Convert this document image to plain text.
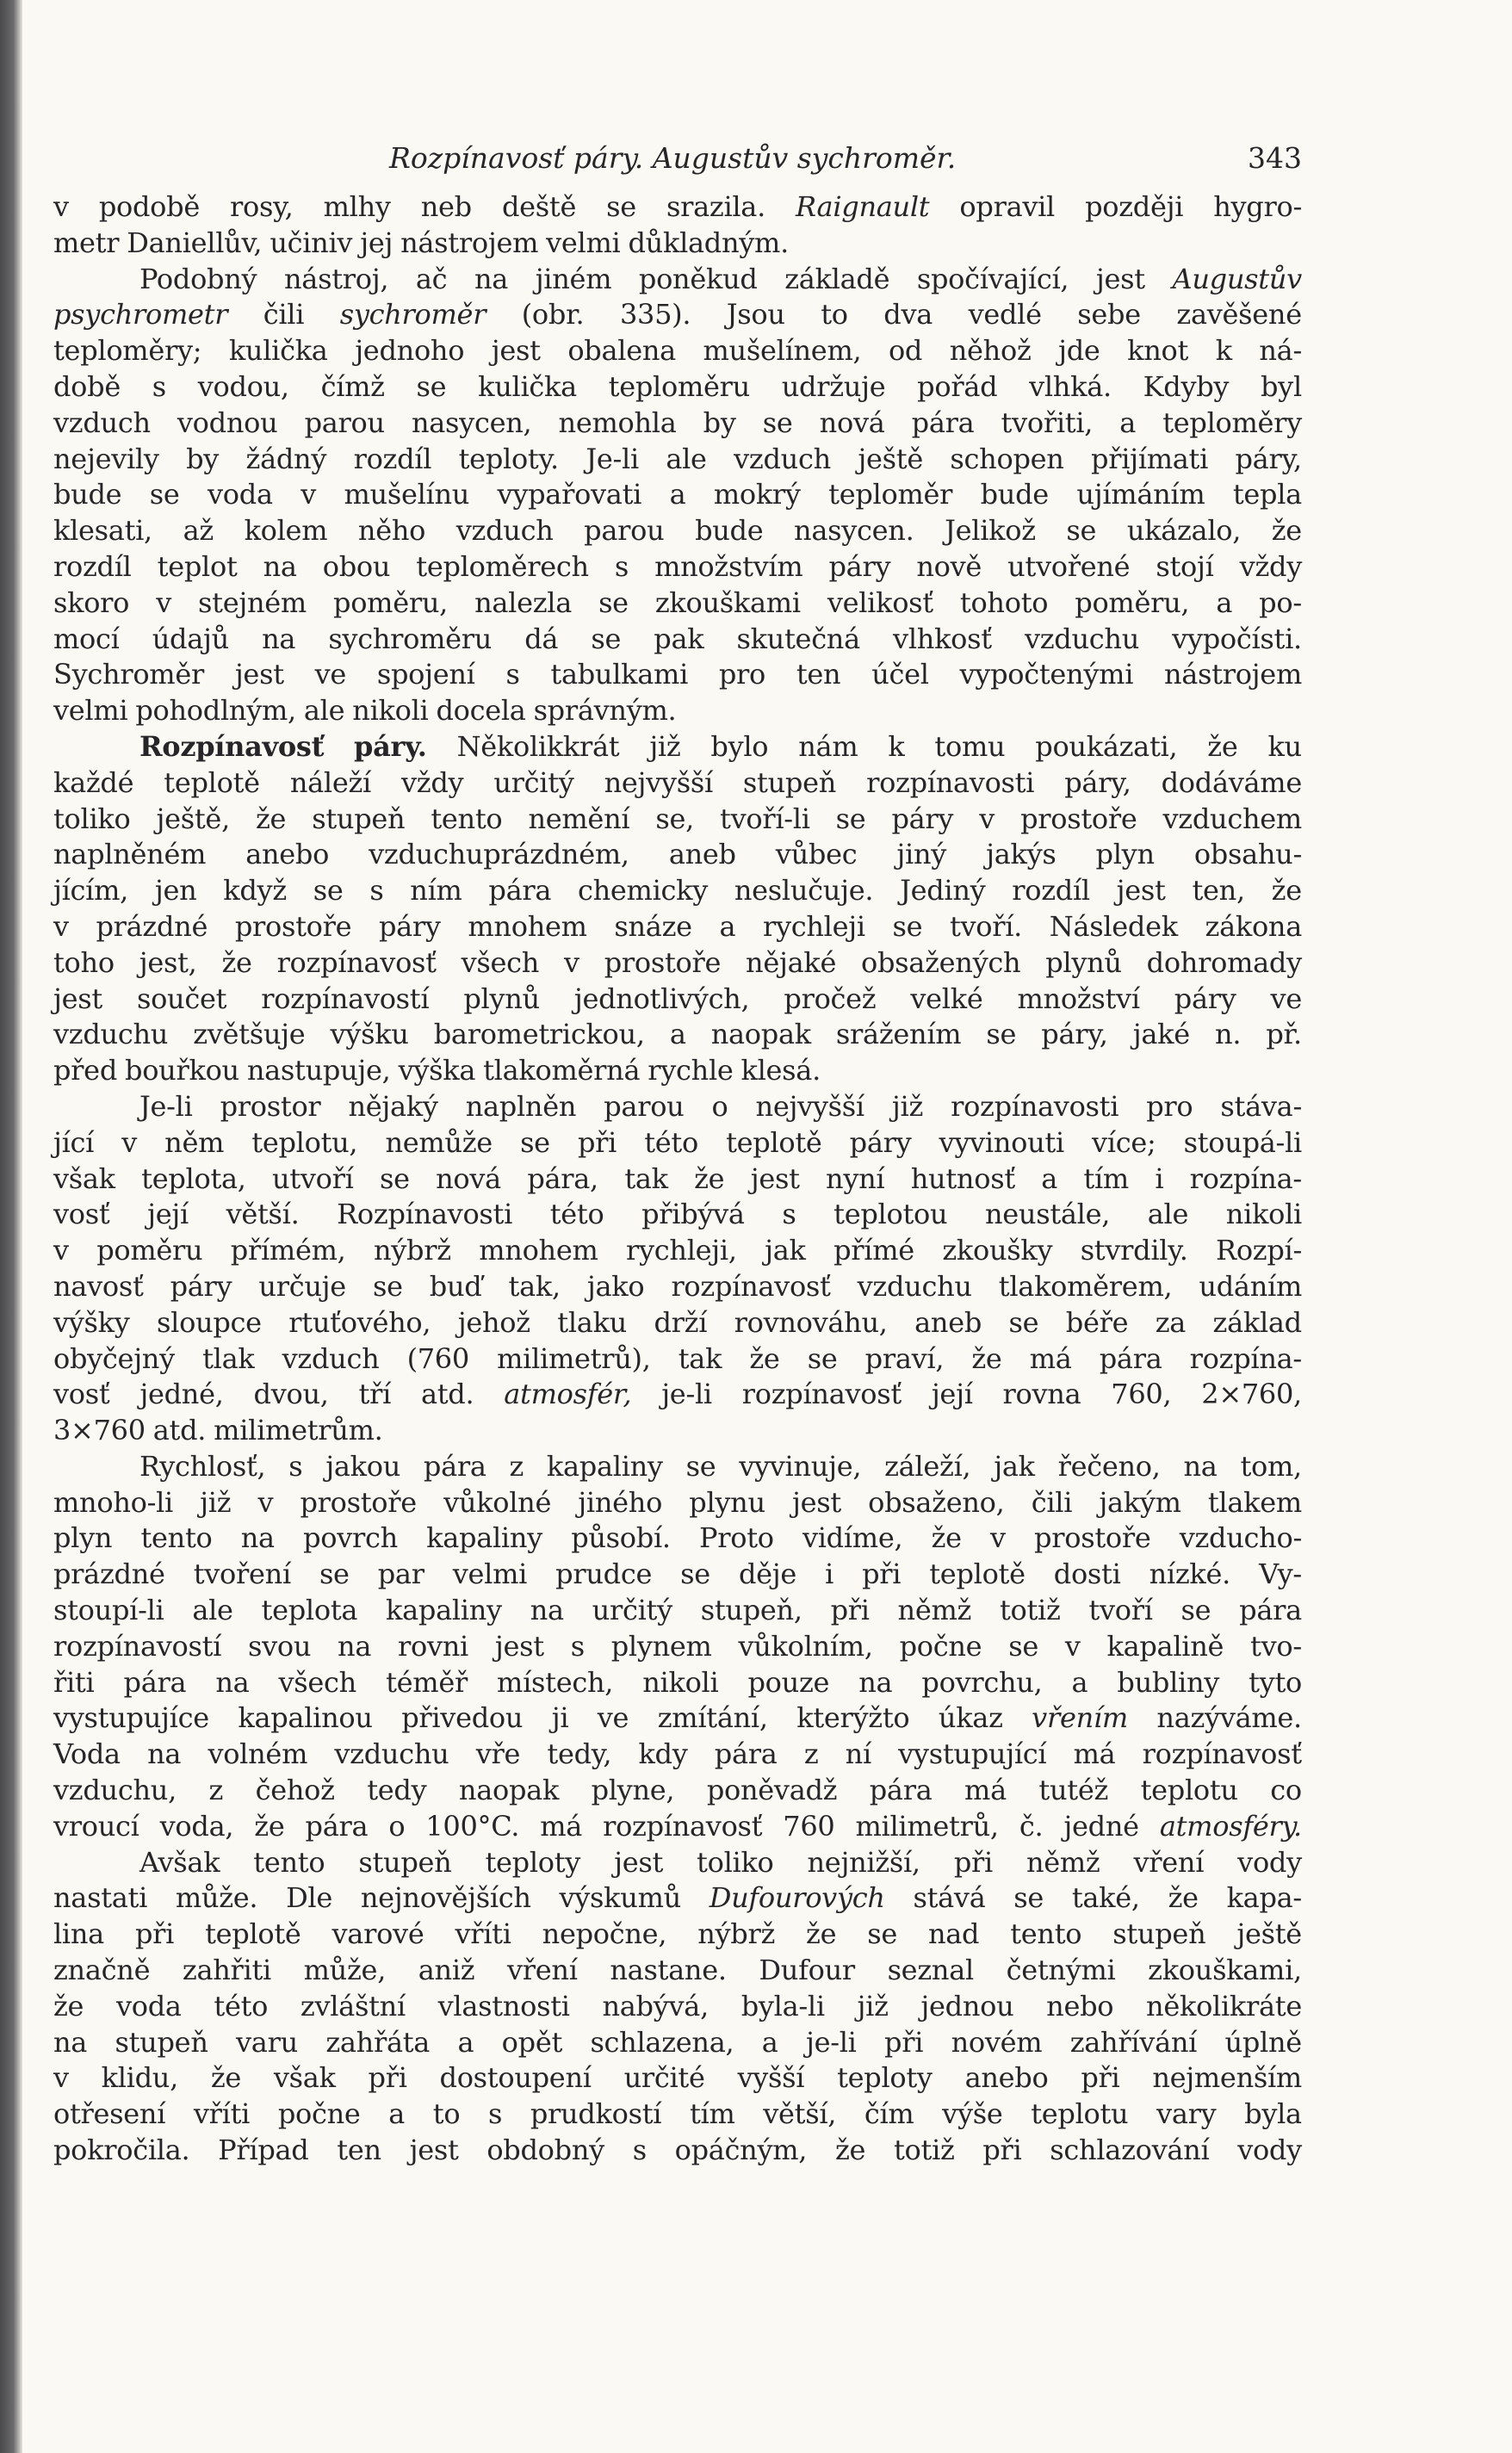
Rozpínavosť páry. Augustův sychroměr.	343
v podobě rosy, mlhy neb deště se srazila. Raignault opravil později hygro-
metr Daniellův, učiniv jej nástrojem velmi důkladným.
Podobný nástroj, ač na jiném poněkud základě spočívající, jest Augustův
psychrometr čili sychroměr (obr. 335). Jsou to dva vedlé sebe zavěšené
teploměry; kulička jednoho jest obalena mušelínem, od něhož jde knot k ná-
době s vodou, čímž se kulička teploměru udržuje pořád vlhká. Kdyby byl
vzduch vodnou parou nasycen, nemohla by se nová pára tvořiti, a teploměry
nejevily by žádný rozdíl teploty. Je-li ale vzduch ještě schopen přijímati páry,
bude se voda v mušelínu vypařovati a mokrý teploměr bude ujímáním tepla
klesati, až kolem něho vzduch parou bude nasycen. Jelikož se ukázalo, že
rozdíl teplot na obou teploměrech s množstvím páry nově utvořené stojí vždy
skoro v stejném poměru, nalezla se zkouškami velikosť tohoto poměru, a po-
mocí údajů na sychroměru dá se pak skutečná vlhkosť vzduchu vypočísti.
Sychroměr jest ve spojení s tabulkami pro ten účel vypočtenými nástrojem
velmi pohodlným, ale nikoli docela správným.
Rozpínavosť páry. Několikkrát již bylo nám k tomu poukázati, že ku
každé teplotě náleží vždy určitý nejvyšší stupeň rozpínavosti páry, dodáváme
toliko ještě, že stupeň tento nemění se, tvoří-li se páry v prostoře vzduchem
naplněném anebo vzduchuprázdném, aneb vůbec jiný jakýs plyn obsahu-
jícím, jen když se s ním pára chemicky neslučuje. Jediný rozdíl jest ten, že
v prázdné prostoře páry mnohem snáze a rychleji se tvoří. Následek zákona
toho jest, že rozpínavosť všech v prostoře nějaké obsažených plynů dohromady
jest součet rozpínavostí plynů jednotlivých, pročež velké množství páry ve
vzduchu zvětšuje výšku barometrickou, a naopak srážením se páry, jaké n. př.
před bouřkou nastupuje, výška tlakoměrná rychle klesá.
Je-li prostor nějaký naplněn parou o nejvyšší již rozpínavosti pro stáva-
jící v něm teplotu, nemůže se při této teplotě páry vyvinouti více; stoupá-li
však teplota, utvoří se nová pára, tak že jest nyní hutnosť a tím i rozpína-
vosť její větší. Rozpínavosti této přibývá s teplotou neustále, ale nikoli
v poměru přímém, nýbrž mnohem rychleji, jak přímé zkoušky stvrdily. Rozpí-
navosť páry určuje se buď tak, jako rozpínavosť vzduchu tlakoměrem, udáním
výšky sloupce rtuťového, jehož tlaku drží rovnováhu, aneb se béře za základ
obyčejný tlak vzduch (760 milimetrů), tak že se praví, že má pára rozpína-
vosť jedné, dvou, tří atd. atmosfér, je-li rozpínavosť její rovna 760, 2×760,
3×760 atd. milimetrům.
Rychlosť, s jakou pára z kapaliny se vyvinuje, záleží, jak řečeno, na tom,
mnoho-li již v prostoře vůkolné jiného plynu jest obsaženo, čili jakým tlakem
plyn tento na povrch kapaliny působí. Proto vidíme, že v prostoře vzducho-
prázdné tvoření se par velmi prudce se děje i při teplotě dosti nízké. Vy-
stoupí-li ale teplota kapaliny na určitý stupeň, při němž totiž tvoří se pára
rozpínavostí svou na rovni jest s plynem vůkolním, počne se v kapalině tvo-
řiti pára na všech téměř místech, nikoli pouze na povrchu, a bubliny tyto
vystupujíce kapalinou přivedou ji ve zmítání, kterýžto úkaz vřením nazýváme.
Voda na volném vzduchu vře tedy, kdy pára z ní vystupující má rozpínavosť
vzduchu, z čehož tedy naopak plyne, poněvadž pára má tutéž teplotu co
vroucí voda, že pára o 100°C. má rozpínavosť 760 milimetrů, č. jedné atmosféry.
Avšak tento stupeň teploty jest toliko nejnižší, při němž vření vody
nastati může. Dle nejnovějších výskumů Dufourových stává se také, že kapa-
lina při teplotě varové vříti nepočne, nýbrž že se nad tento stupeň ještě
značně zahřiti může, aniž vření nastane. Dufour seznal četnými zkouškami,
že voda této zvláštní vlastnosti nabývá, byla-li již jednou nebo několikráte
na stupeň varu zahřáta a opět schlazena, a je-li při novém zahřívání úplně
v klidu, že však při dostoupení určité vyšší teploty anebo při nejmenším
otřesení vříti počne a to s prudkostí tím větší, čím výše teplotu vary byla
pokročila. Případ ten jest obdobný s opáčným, že totiž při schlazování vody
